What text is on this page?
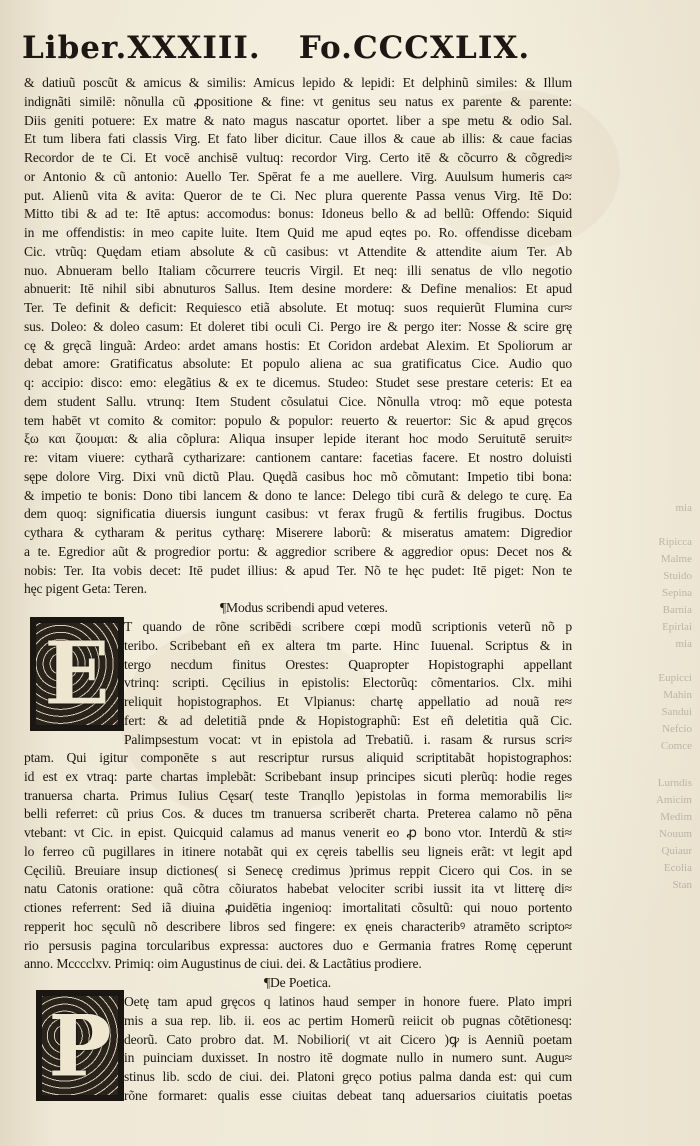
mia

Ripicca
Malme
Stuido
Sepina
Barnia
Epirlai
mia

Eupicci
Mahin
Sandui
Nefcio
Comce
Lurndis
Amicim
Medim
Nouum
Quiaur
Ecolia
Stan
Liber.XXXIII. Fo.CCCXLIX.
& datiuũ poscũt & amicus & similis: Amicus lepido & lepidi: Et delphinũ similes: & Illum
indignãti similē: nõnulla cũ ꝓpositione & fine: vt genitus seu natus ex parente & parente:
Diis geniti potuere: Ex matre & nato magus nascatur oportet. liber a spe metu & odio Sal.
Et tum libera fati classis Virg. Et fato liber dicitur. Caue illos & caue ab illis: & caue facias
Recordor de te Ci. Et vocē anchisē vultuq: recordor Virg. Certo itē & cõcurro & cõgredi≈
or Antonio & cũ antonio: Auello Ter. Spērat fe a me auellere. Virg. Auulsum humeris ca≈
put. Alienũ vita & avita: Queror de te Ci. Nec plura querente Passa venus Virg. Itē Do:
Mitto tibi & ad te: Itē aptus: accomodus: bonus: Idoneus bello & ad bellũ: Offendo: Siquid
in me offendistis: in meo capite luite. Item Quid me apud eqtes po. Ro. offendisse dicebam
Cic. vtrũq: Quędam etiam absolute & cũ casibus: vt Attendite & attendite aium Ter. Ab
nuo. Abnueram bello Italiam cõcurrere teucris Virgil. Et neq: illi senatus de vllo negotio
abnuerit: Itē nihil sibi abnuturos Sallus. Item desine mordere: & Define menalios: Et apud
Ter. Te definit & deficit: Requiesco etiã absolute. Et motuq: suos requierũt Flumina cur≈
sus. Doleo: & doleo casum: Et doleret tibi oculi Ci. Pergo ire & pergo iter: Nosse & scire grę
cę & gręcã linguã: Ardeo: ardet amans hostis: Et Coridon ardebat Alexim. Et Spoliorum ar
debat amore: Gratificatus absolute: Et populo aliena ac sua gratificatus Cice. Audio quo
q: accipio: disco: emo: elegãtius & ex te dicemus. Studeo: Studet sese prestare ceteris: Et ea
dem student Sallu. vtrunq: Item Student cõsulatui Cice. Nõnulla vtroq: mõ eque potesta
tem habēt vt comito & comitor: populo & populor: reuerto & reuertor: Sic & apud gręcos
ξω και ζιουμαι: & alia cõplura: Aliqua insuper lepide iterant hoc modo Seruitutē seruit≈
re: vitam viuere: cytharã cytharizare: cantionem cantare: facetias facere. Et nostro doluisti
sępe dolore Virg. Dixi vnũ dictũ Plau. Quędã casibus hoc mõ cõmutant: Impetio tibi bona:
& impetio te bonis: Dono tibi lancem & dono te lance: Delego tibi curã & delego te curę. Ea
dem quoq: significatia diuersis iungunt casibus: vt ferax frugũ & fertilis frugibus. Doctus
cythara & cytharam & peritus cytharę: Miserere laborũ: & miseratus amatem: Digredior
a te. Egredior aũt & progredior portu: & aggredior scribere & aggredior opus: Decet nos &
nobis: Ter. Ita vobis decet: Itē pudet illius: & apud Ter. Nõ te hęc pudet: Itē piget: Non te
hęc pigent Geta: Teren.
¶Modus scribendi apud veteres.
E	T quando de rõne scribēdi scribere cœpi modũ scriptionis veterũ nõ p
teribo. Scribebant eñ ex altera tm parte. Hinc Iuuenal. Scriptus & in
tergo necdum finitus Orestes: Quapropter Hopistographi appellant
vtrinq: scripti. Cęcilius in epistolis: Electorũq: cõmentarios. Clx. mihi
reliquit hopistographos. Et Vlpianus: chartę appellatio ad nouã re≈
fert: & ad deletitiã pnde & Hopistographũ: Est eñ deletitia quã Cic.
Palimpsestum vocat: vt in epistola ad Trebatiũ. i. rasam & rursus scri≈
ptam. Qui igitur componēte s aut rescriptur rursus aliquid scriptitabãt hopistographos:
id est ex vtraq: parte chartas implebãt: Scribebant insup principes sicuti plerũq: hodie reges
tranuersa charta. Primus Iulius Cęsar( teste Tranqllo )epistolas in forma memorabilis li≈
belli referret: cũ prius Cos. & duces tm tranuersa scriberēt charta. Preterea calamo nõ pēna
vtebant: vt Cic. in epist. Quicquid calamus ad manus venerit eo ꝓ bono vtor. Interdũ & sti≈
lo ferreo cũ pugillares in itinere notabãt qui ex cęreis tabellis seu ligneis erãt: vt legit apd
Cęciliũ. Breuiare insup dictiones( si Senecę credimus )primus reppit Cicero qui Cos. in se
natu Catonis oratione: quã cõtra cõiuratos habebat velociter scribi iussit ita vt litterę di≈
ctiones referrent: Sed iã diuina ꝓuidētia ingenioq: imortalitati cõsultũ: qui nouo portento
repperit hoc sęculũ nõ describere libros sed fingere: ex ęneis characteribꝰ atramēto scripto≈
rio persusis pagina torcularibus expressa: auctores duo e Germania fratres Romę cęperunt
anno. Mcccclxv. Primiq: oim Augustinus de ciui. dei. & Lactãtius prodiere.
¶De Poetica.
P Oetę tam apud gręcos q latinos haud semper in honore fuere. Plato impri
mis a sua rep. lib. ii. eos ac pertim Homerũ reiicit ob pugnas cõtētionesq:
deorũ. Cato probro dat. M. Nobiliori( vt ait Cicero )ꝙ is Aenniũ poetam
in puinciam duxisset. In nostro itē dogmate nullo in numero sunt. Augu≈
stinus lib. scdo de ciui. dei. Platoni gręco potius palma danda est: qui cum
rõne formaret: qualis esse ciuitas debeat tanq aduersarios ciuitatis poetas
